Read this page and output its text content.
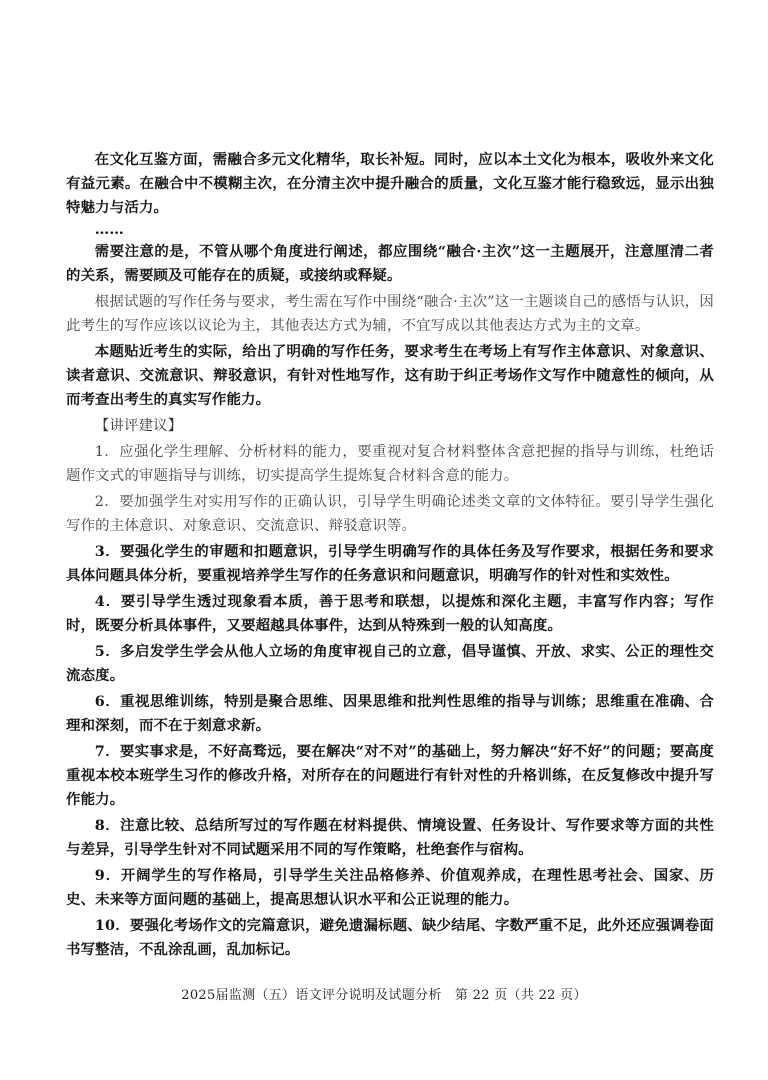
在文化互鉴方面，需融合多元文化精华，取长补短。同时，应以本土文化为根本，吸收外来文化有益元素。在融合中不模糊主次，在分清主次中提升融合的质量，文化互鉴才能行稳致远，显示出独特魅力与活力。

……

需要注意的是，不管从哪个角度进行阐述，都应围绕“融合·主次”这一主题展开，注意厘清二者的关系，需要顾及可能存在的质疑，或接纳或释疑。

根据试题的写作任务与要求，考生需在写作中围绕“融合·主次”这一主题谈自己的感悟与认识，因此考生的写作应该以议论为主，其他表达方式为辅，不宜写成以其他表达方式为主的文章。

本题贴近考生的实际，给出了明确的写作任务，要求考生在考场上有写作主体意识、对象意识、读者意识、交流意识、辩驳意识，有针对性地写作，这有助于纠正考场作文写作中随意性的倾向，从而考查出考生的真实写作能力。

【讲评建议】

1．应强化学生理解、分析材料的能力，要重视对复合材料整体含意把握的指导与训练，杜绝话题作文式的审题指导与训练，切实提高学生提炼复合材料含意的能力。

2．要加强学生对实用写作的正确认识，引导学生明确论述类文章的文体特征。要引导学生强化写作的主体意识、对象意识、交流意识、辩驳意识等。

3．要强化学生的审题和扣题意识，引导学生明确写作的具体任务及写作要求，根据任务和要求具体问题具体分析，要重视培养学生写作的任务意识和问题意识，明确写作的针对性和实效性。

4．要引导学生透过现象看本质，善于思考和联想，以提炼和深化主题，丰富写作内容；写作时，既要分析具体事件，又要超越具体事件，达到从特殊到一般的认知高度。

5．多启发学生学会从他人立场的角度审视自己的立意，倡导谨慎、开放、求实、公正的理性交流态度。

6．重视思维训练，特别是聚合思维、因果思维和批判性思维的指导与训练；思维重在准确、合理和深刻，而不在于刻意求新。

7．要实事求是，不好高骛远，要在解决“对不对”的基础上，努力解决“好不好”的问题；要高度重视本校本班学生习作的修改升格，对所存在的问题进行有针对性的升格训练，在反复修改中提升写作能力。

8．注意比较、总结所写过的写作题在材料提供、情境设置、任务设计、写作要求等方面的共性与差异，引导学生针对不同试题采用不同的写作策略，杜绝套作与宿构。

9．开阔学生的写作格局，引导学生关注品格修养、价值观养成，在理性思考社会、国家、历史、未来等方面问题的基础上，提高思想认识水平和公正说理的能力。

10．要强化考场作文的完篇意识，避免遗漏标题、缺少结尾、字数严重不足，此外还应强调卷面书写整洁，不乱涂乱画，乱加标记。

2025届监测（五）语文评分说明及试题分析　第 22 页（共 22 页）
